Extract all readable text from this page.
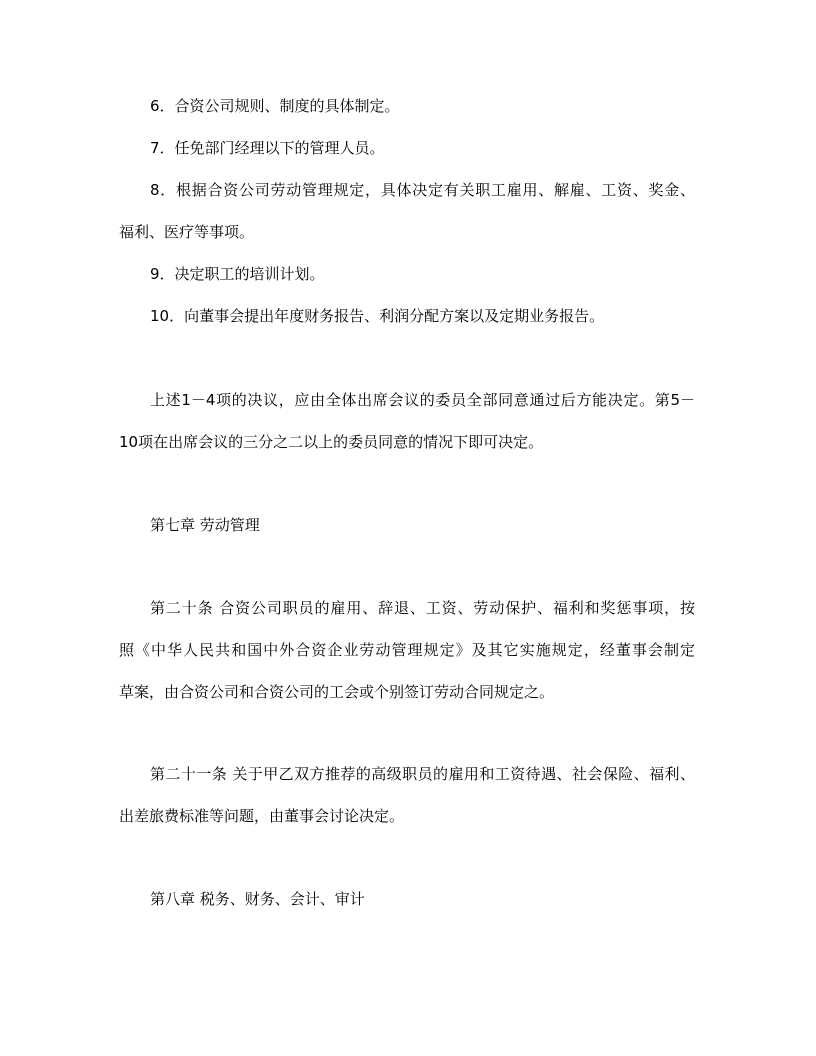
6．合资公司规则、制度的具体制定。
7．任免部门经理以下的管理人员。
8．根据合资公司劳动管理规定，具体决定有关职工雇用、解雇、工资、奖金、
福利、医疗等事项。
9．决定职工的培训计划。
10．向董事会提出年度财务报告、利润分配方案以及定期业务报告。
上述1－4项的决议，应由全体出席会议的委员全部同意通过后方能决定。第5－
10项在出席会议的三分之二以上的委员同意的情况下即可决定。
第七章 劳动管理
第二十条 合资公司职员的雇用、辞退、工资、劳动保护、福利和奖惩事项，按
照《中华人民共和国中外合资企业劳动管理规定》及其它实施规定，经董事会制定
草案，由合资公司和合资公司的工会或个别签订劳动合同规定之。
第二十一条 关于甲乙双方推荐的高级职员的雇用和工资待遇、社会保险、福利、
出差旅费标准等问题，由董事会讨论决定。
第八章 税务、财务、会计、审计
